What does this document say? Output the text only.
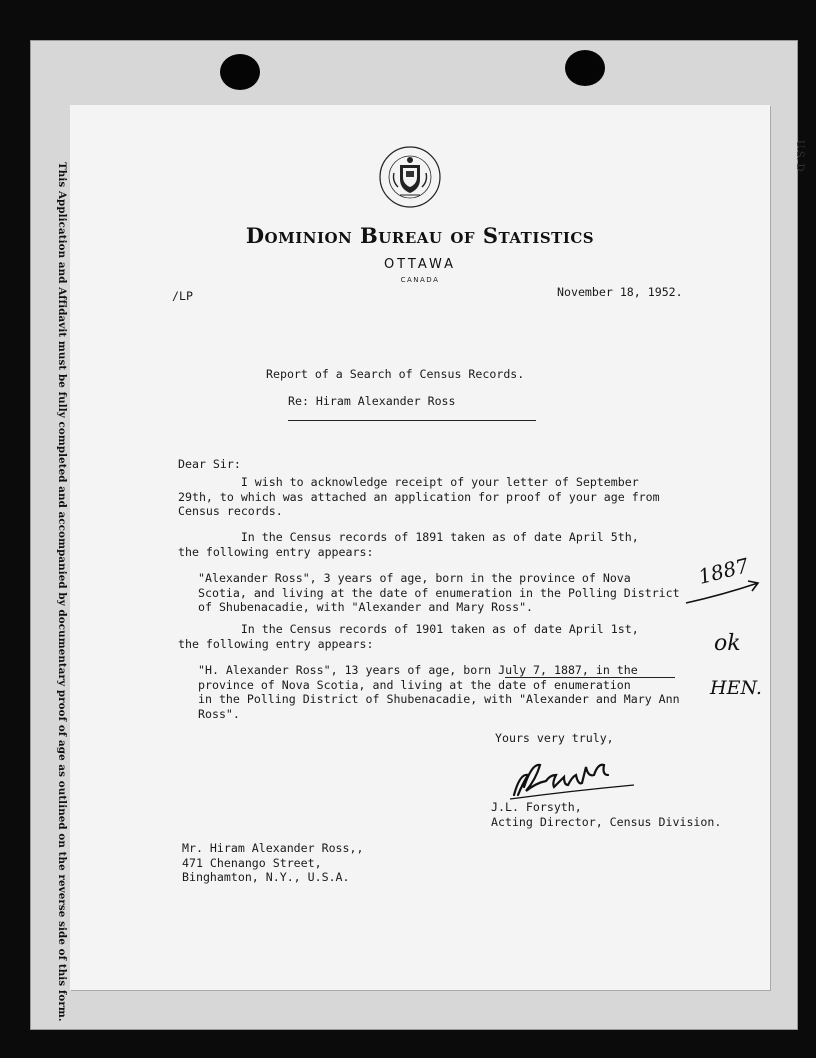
This Application and Affidavit must be fully completed and accompanied by documentary proof of age as outlined on the reverse side of this form.
U.S. D
Dominion Bureau of Statistics
OTTAWA
CANADA
/LP	November 18, 1952.
Report of a Search of Census Records.
Re: Hiram Alexander Ross
Dear Sir:
I wish to acknowledge receipt of your letter of September
29th, to which was attached an application for proof of your age from
Census records.
In the Census records of 1891 taken as of date April 5th,
the following entry appears:
"Alexander Ross", 3 years of age, born in the province of Nova
Scotia, and living at the date of enumeration in the Polling District
of Shubenacadie, with "Alexander and Mary Ross".
In the Census records of 1901 taken as of date April 1st,
the following entry appears:
"H. Alexander Ross", 13 years of age, born July 7, 1887, in the
province of Nova Scotia, and living at the date of enumeration
in the Polling District of Shubenacadie, with "Alexander and Mary Ann
Ross".
Yours very truly,
J.L. Forsyth,
Acting Director, Census Division.
Mr. Hiram Alexander Ross,,
471 Chenango Street,
Binghamton, N.Y., U.S.A.
1887
ok
HEN.
